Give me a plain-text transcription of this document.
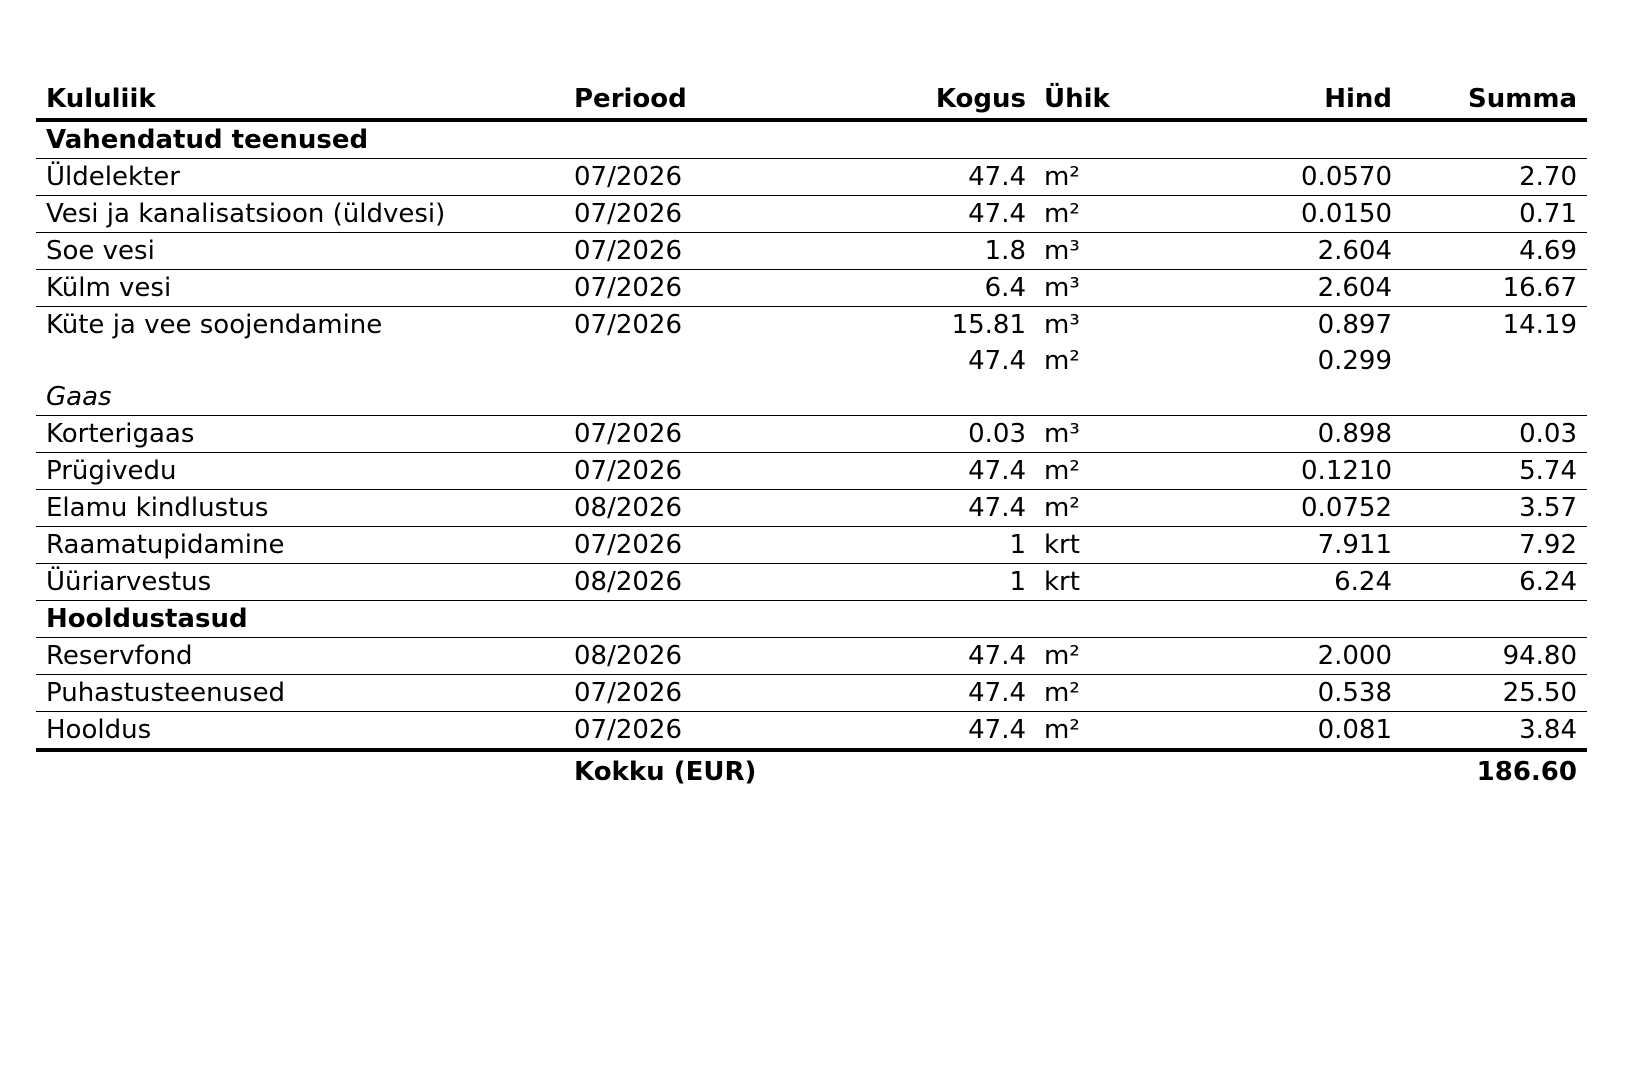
Kululiik	Periood	Kogus	Ühik	Hind	Summa
Vahendatud teenused					
Üldelekter	07/2026	47.4	m²	0.0570	2.70
Vesi ja kanalisatsioon (üldvesi)	07/2026	47.4	m²	0.0150	0.71
Soe vesi	07/2026	1.8	m³	2.604	4.69
Külm vesi	07/2026	6.4	m³	2.604	16.67
Küte ja vee soojendamine	07/2026	15.81	m³	0.897	14.19
		47.4	m²	0.299	
Gaas					
Korterigaas	07/2026	0.03	m³	0.898	0.03
Prügivedu	07/2026	47.4	m²	0.1210	5.74
Elamu kindlustus	08/2026	47.4	m²	0.0752	3.57
Raamatupidamine	07/2026	1	krt	7.911	7.92
Üüriarvestus	08/2026	1	krt	6.24	6.24
Hooldustasud					
Reservfond	08/2026	47.4	m²	2.000	94.80
Puhastusteenused	07/2026	47.4	m²	0.538	25.50
Hooldus	07/2026	47.4	m²	0.081	3.84
	Kokku (EUR)				186.60
